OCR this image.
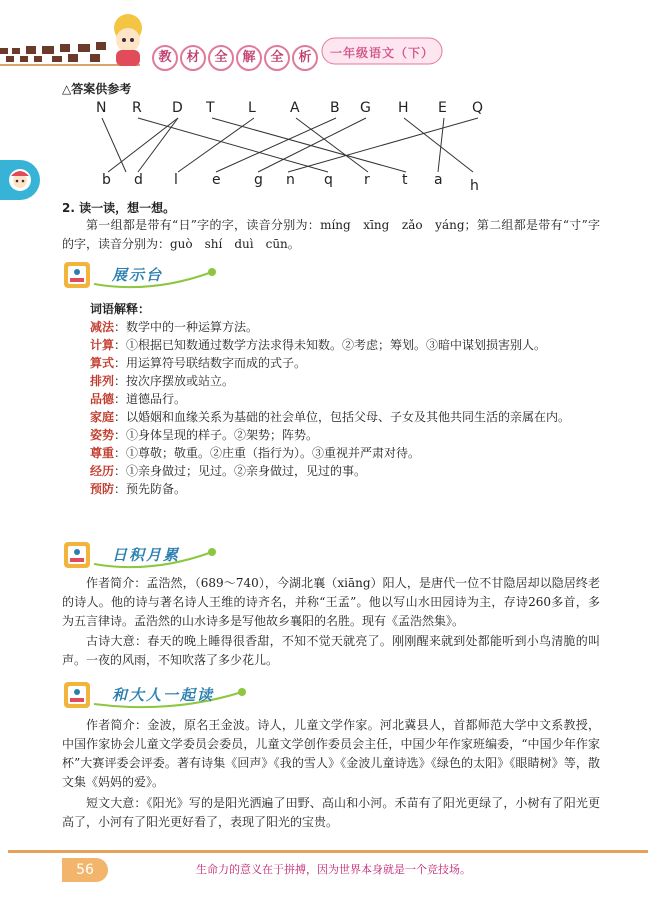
教	材	全	解	全	析	一年级语文（下）
△答案供参考
N R D T L A B G H E Q
b d l e g n q r t a h
2. 读一读，想一想。
第一组都是带有“日”字的字，读音分别为：míng　xīng　zǎo　yáng；第二组都是带有“寸”字的字，读音分别为：guò　shí　duì　cūn。
展示台
词语解释：
减法：数学中的一种运算方法。
计算：①根据已知数通过数学方法求得未知数。②考虑；筹划。③暗中谋划损害别人。
算式：用运算符号联结数字而成的式子。
排列：按次序摆放或站立。
品德：道德品行。
家庭：以婚姻和血缘关系为基础的社会单位，包括父母、子女及其他共同生活的亲属在内。
姿势：①身体呈现的样子。②架势；阵势。
尊重：①尊敬；敬重。②庄重（指行为）。③重视并严肃对待。
经历：①亲身做过；见过。②亲身做过，见过的事。
预防：预先防备。
日积月累
作者简介：孟浩然，（689～740），今湖北襄（xiāng）阳人，是唐代一位不甘隐居却以隐居终老的诗人。他的诗与著名诗人王维的诗齐名，并称“王孟”。他以写山水田园诗为主，存诗260多首，多为五言律诗。孟浩然的山水诗多是写他故乡襄阳的名胜。现有《孟浩然集》。
古诗大意：春天的晚上睡得很香甜，不知不觉天就亮了。刚刚醒来就到处都能听到小鸟清脆的叫声。一夜的风雨，不知吹落了多少花儿。
和大人一起读
作者简介：金波，原名王金波。诗人，儿童文学作家。河北冀县人，首都师范大学中文系教授，中国作家协会儿童文学委员会委员，儿童文学创作委员会主任，中国少年作家班编委，“中国少年作家杯”大赛评委会评委。著有诗集《回声》《我的雪人》《金波儿童诗选》《绿色的太阳》《眼睛树》等，散文集《妈妈的爱》。
短文大意：《阳光》写的是阳光洒遍了田野、高山和小河。禾苗有了阳光更绿了，小树有了阳光更高了，小河有了阳光更好看了，表现了阳光的宝贵。
56	生命力的意义在于拼搏，因为世界本身就是一个竞技场。
